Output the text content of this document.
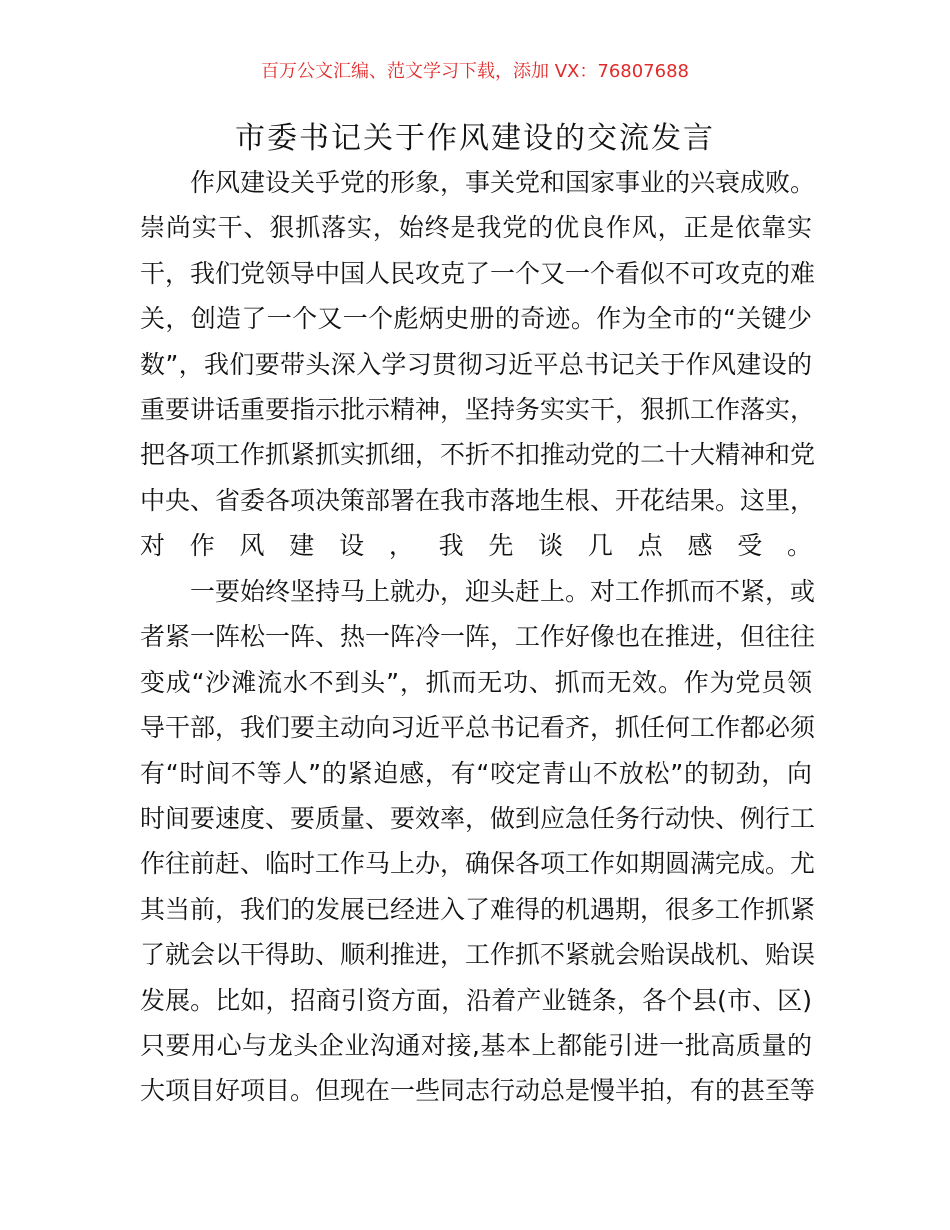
百万公文汇编、范文学习下载，添加 VX：76807688
市委书记关于作风建设的交流发言
作风建设关乎党的形象，事关党和国家事业的兴衰成败。
崇尚实干、狠抓落实，始终是我党的优良作风，正是依靠实
干，我们党领导中国人民攻克了一个又一个看似不可攻克的难
关，创造了一个又一个彪炳史册的奇迹。作为全市的“关键少
数”，我们要带头深入学习贯彻习近平总书记关于作风建设的
重要讲话重要指示批示精神，坚持务实实干，狠抓工作落实，
把各项工作抓紧抓实抓细，不折不扣推动党的二十大精神和党
中央、省委各项决策部署在我市落地生根、开花结果。这里，
对作风建设，我先谈几点感受。
一要始终坚持马上就办，迎头赶上。对工作抓而不紧，或
者紧一阵松一阵、热一阵冷一阵，工作好像也在推进，但往往
变成“沙滩流水不到头”，抓而无功、抓而无效。作为党员领
导干部，我们要主动向习近平总书记看齐，抓任何工作都必须
有“时间不等人”的紧迫感，有“咬定青山不放松”的韧劲，向
时间要速度、要质量、要效率，做到应急任务行动快、例行工
作往前赶、临时工作马上办，确保各项工作如期圆满完成。尤
其当前，我们的发展已经进入了难得的机遇期，很多工作抓紧
了就会以干得助、顺利推进，工作抓不紧就会贻误战机、贻误
发展。比如，招商引资方面，沿着产业链条，各个县(市、区)
只要用心与龙头企业沟通对接,基本上都能引进一批高质量的
大项目好项目。但现在一些同志行动总是慢半拍，有的甚至等
